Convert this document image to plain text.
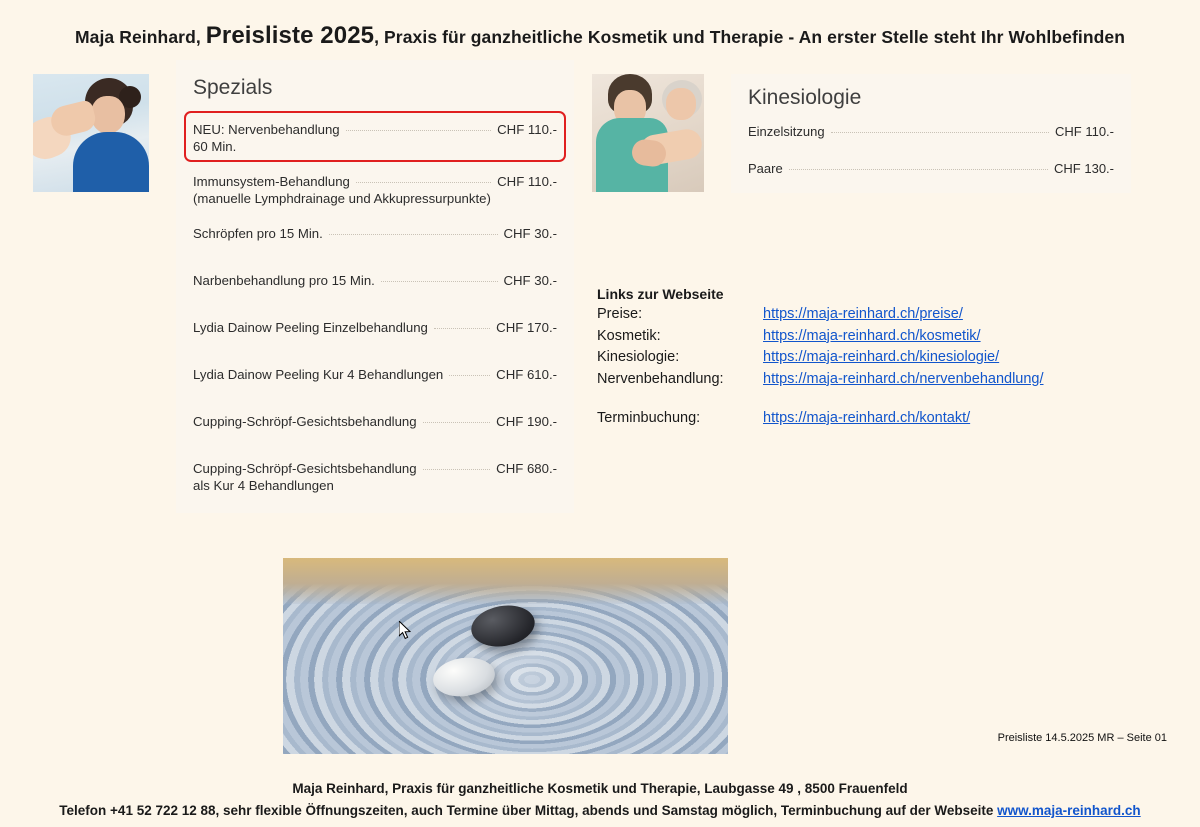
Maja Reinhard, Preisliste 2025, Praxis für ganzheitliche Kosmetik und Therapie - An erster Stelle steht Ihr Wohlbefinden
Spezials
NEU: Nervenbehandlung	CHF 110.-
60 Min.
Immunsystem-Behandlung	CHF 110.-
(manuelle Lymphdrainage und Akkupressurpunkte)
Schröpfen pro 15 Min.	CHF 30.-
Narbenbehandlung pro 15 Min.	CHF 30.-
Lydia Dainow Peeling Einzelbehandlung	CHF 170.-
Lydia Dainow Peeling Kur 4 Behandlungen	CHF 610.-
Cupping-Schröpf-Gesichtsbehandlung	CHF 190.-
Cupping-Schröpf-Gesichtsbehandlung	CHF 680.-
als Kur 4 Behandlungen
Kinesiologie
Einzelsitzung	CHF 110.-
Paare	CHF 130.-
Links zur Webseite
Preise:	https://maja-reinhard.ch/preise/
Kosmetik:	https://maja-reinhard.ch/kosmetik/
Kinesiologie:	https://maja-reinhard.ch/kinesiologie/
Nervenbehandlung:	https://maja-reinhard.ch/nervenbehandlung/
Terminbuchung:	https://maja-reinhard.ch/kontakt/
Preisliste 14.5.2025 MR – Seite 01
Maja Reinhard, Praxis für ganzheitliche Kosmetik und Therapie, Laubgasse 49 , 8500 Frauenfeld
Telefon +41 52 722 12 88, sehr flexible Öffnungszeiten, auch Termine über Mittag, abends und Samstag möglich, Terminbuchung auf der Webseite www.maja-reinhard.ch
